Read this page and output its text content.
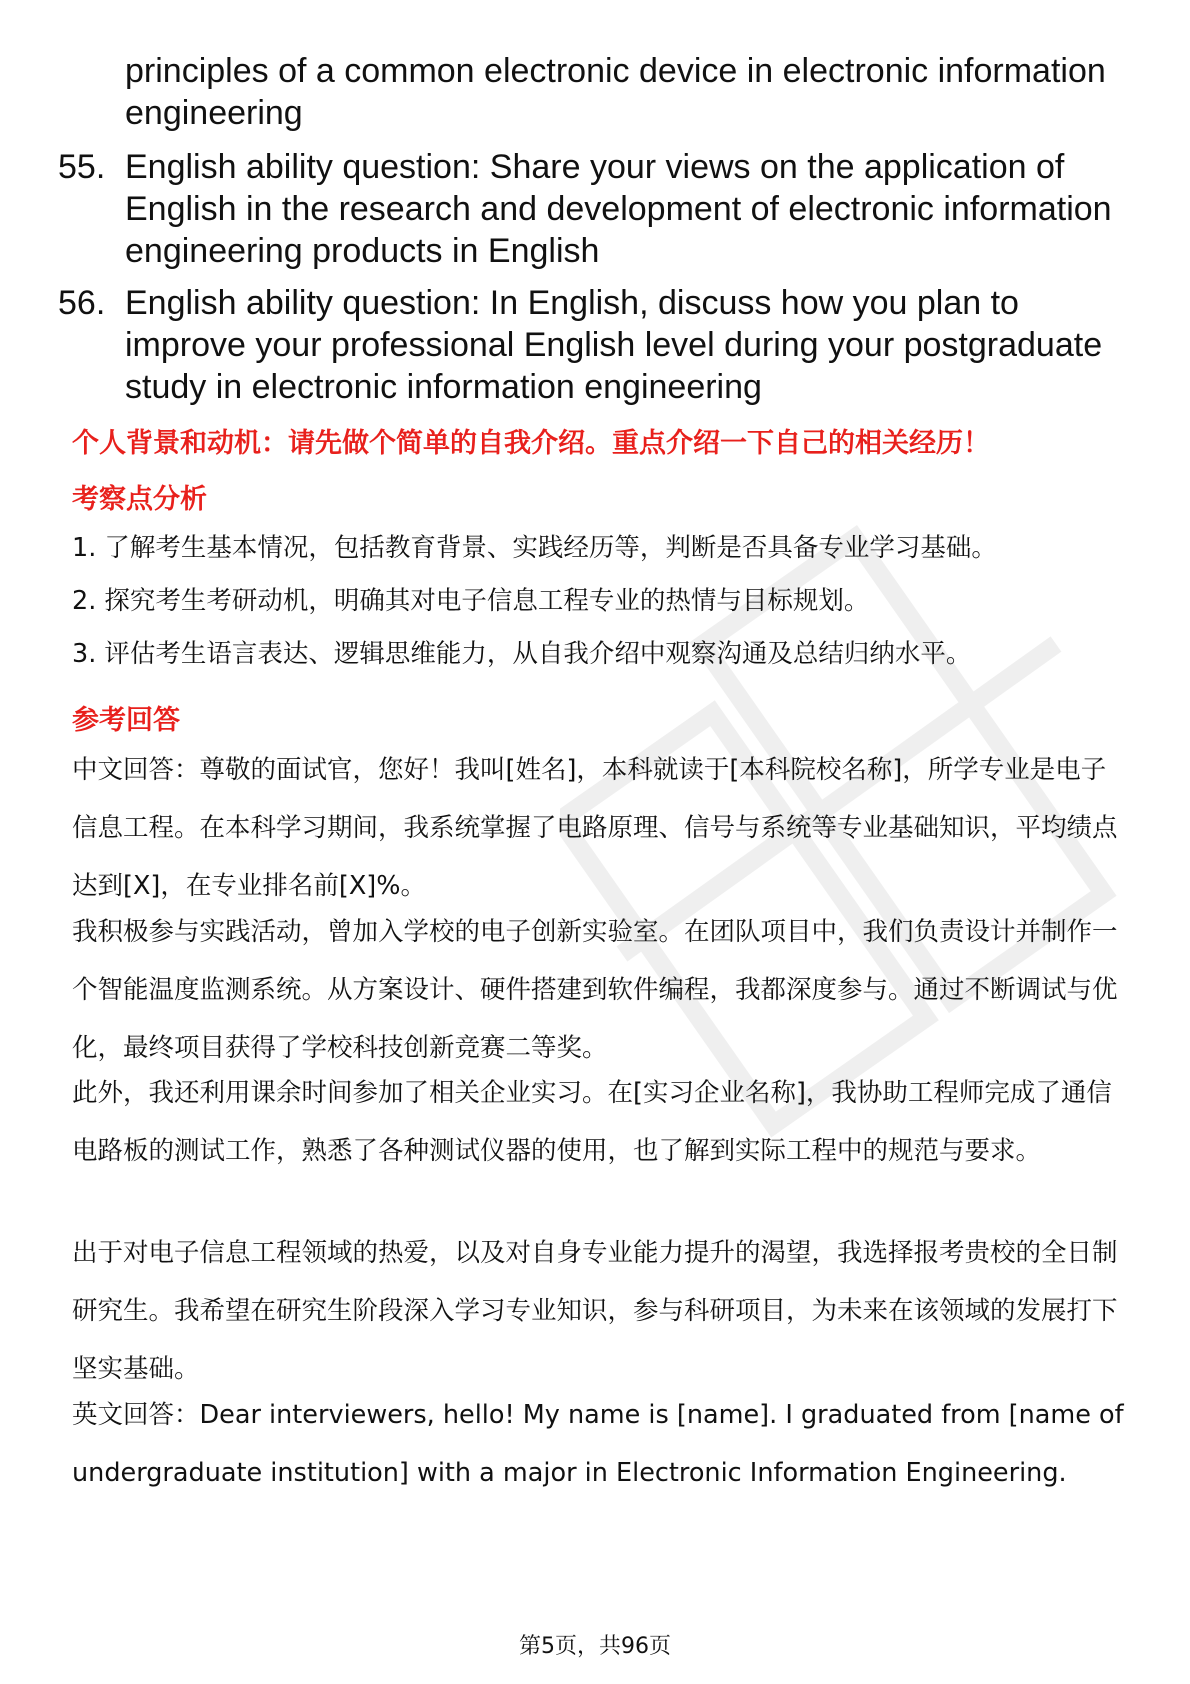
principles of a common electronic device in electronic information engineering
55. English ability question: Share your views on the application of English in the research and development of electronic information engineering products in English
56. English ability question: In English, discuss how you plan to improve your professional English level during your postgraduate study in electronic information engineering
个人背景和动机：请先做个简单的自我介绍。重点介绍一下自己的相关经历！
考察点分析
1. 了解考生基本情况，包括教育背景、实践经历等，判断是否具备专业学习基础。
2. 探究考生考研动机，明确其对电子信息工程专业的热情与目标规划。
3. 评估考生语言表达、逻辑思维能力，从自我介绍中观察沟通及总结归纳水平。
参考回答
中文回答：尊敬的面试官，您好！我叫[姓名]，本科就读于[本科院校名称]，所学专业是电子信息工程。在本科学习期间，我系统掌握了电路原理、信号与系统等专业基础知识，平均绩点达到[X]，在专业排名前[X]%。
我积极参与实践活动，曾加入学校的电子创新实验室。在团队项目中，我们负责设计并制作一个智能温度监测系统。从方案设计、硬件搭建到软件编程，我都深度参与。通过不断调试与优化，最终项目获得了学校科技创新竞赛二等奖。
此外，我还利用课余时间参加了相关企业实习。在[实习企业名称]，我协助工程师完成了通信电路板的测试工作，熟悉了各种测试仪器的使用，也了解到实际工程中的规范与要求。
出于对电子信息工程领域的热爱，以及对自身专业能力提升的渴望，我选择报考贵校的全日制研究生。我希望在研究生阶段深入学习专业知识，参与科研项目，为未来在该领域的发展打下坚实基础。
英文回答：Dear interviewers, hello! My name is [name]. I graduated from [name of undergraduate institution] with a major in Electronic Information Engineering.
第5页，共96页
